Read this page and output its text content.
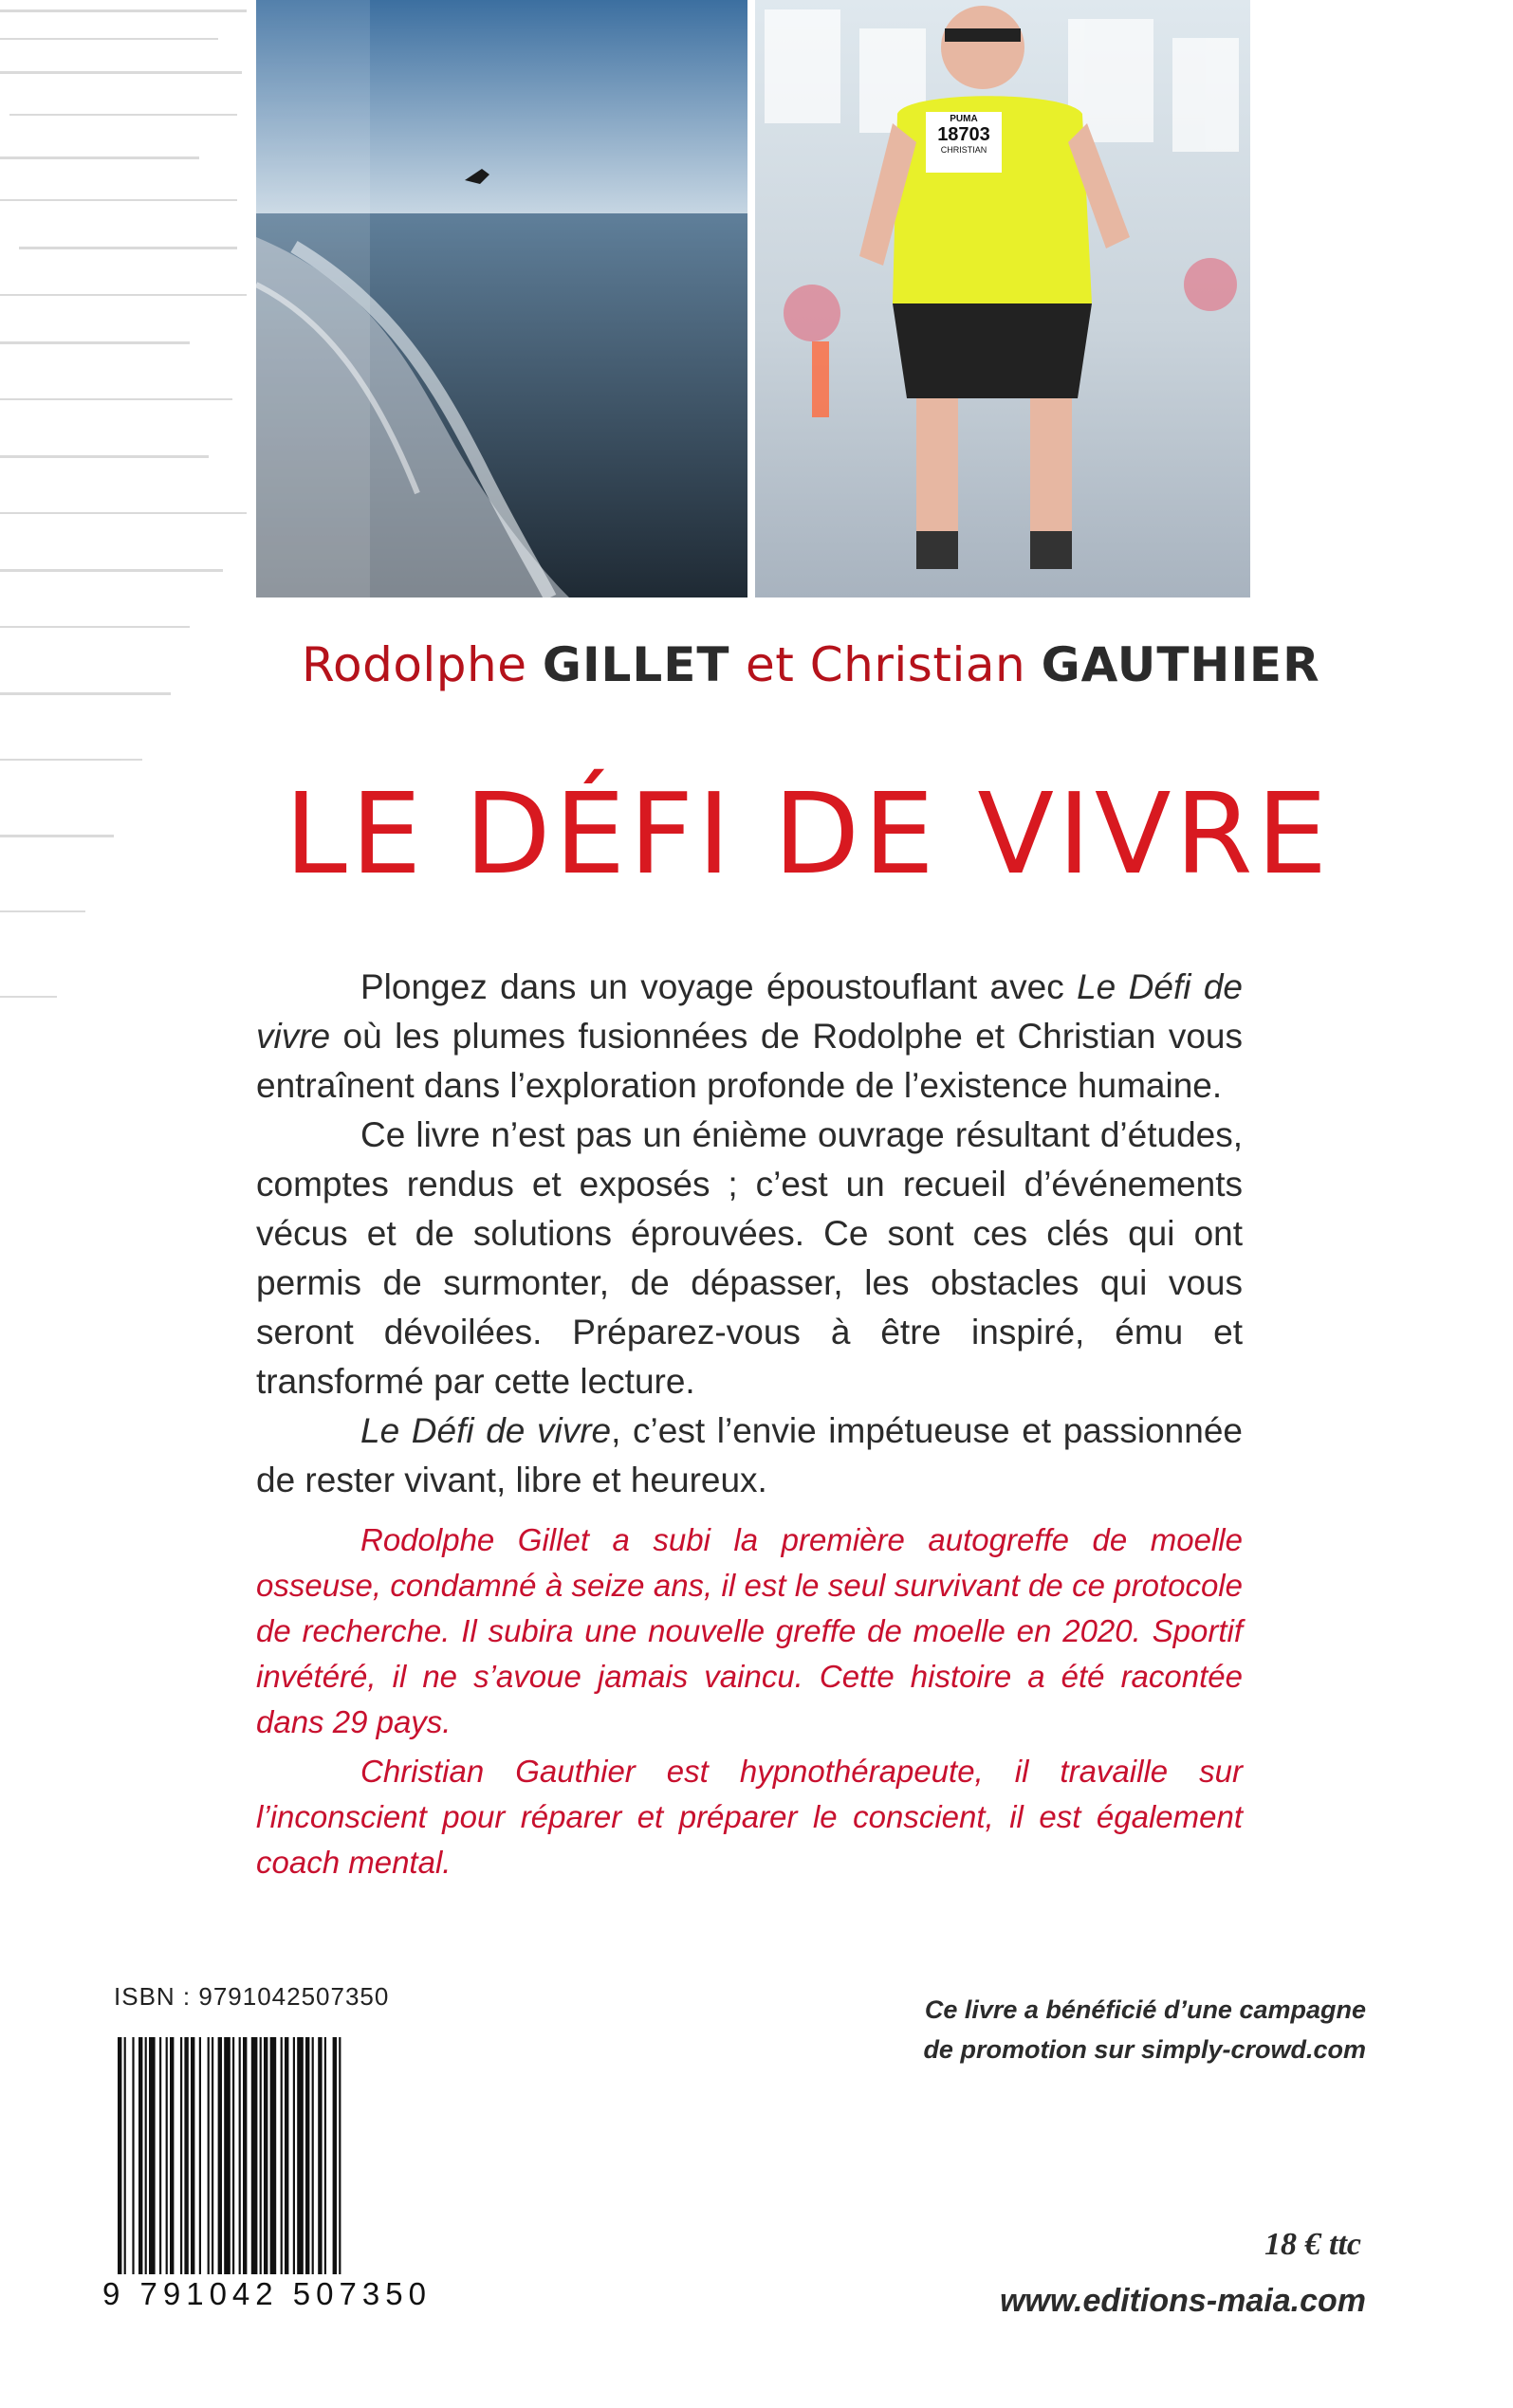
PUMA
18703
CHRISTIAN
Rodolphe GILLET et Christian GAUTHIER
LE DÉFI DE VIVRE

Plongez dans un voyage époustouflant avec Le Défi de vivre où les plumes fusionnées de Rodolphe et Christian vous entraînent dans l’exploration profonde de l’existence humaine.

Ce livre n’est pas un énième ouvrage résultant d’études, comptes rendus et exposés ; c’est un recueil d’événements vécus et de solutions éprouvées. Ce sont ces clés qui ont permis de surmonter, de dépasser, les obstacles qui vous seront dévoilées. Préparez-vous à être inspiré, ému et transformé par cette lecture.

Le Défi de vivre, c’est l’envie impétueuse et passionnée de rester vivant, libre et heureux.

Rodolphe Gillet a subi la première autogreffe de moelle osseuse, condamné à seize ans, il est le seul survivant de ce protocole de recherche. Il subira une nouvelle greffe de moelle en 2020. Sportif invétéré, il ne s’avoue jamais vaincu. Cette histoire a été racontée dans 29 pays.

Christian Gauthier est hypnothérapeute, il travaille sur l’inconscient pour réparer et préparer le conscient, il est également coach mental.

ISBN : 9791042507350
9 791042 507350
Ce livre a bénéficié d’une campagne
de promotion sur simply-crowd.com
18 € ttc
www.editions-maia.com
